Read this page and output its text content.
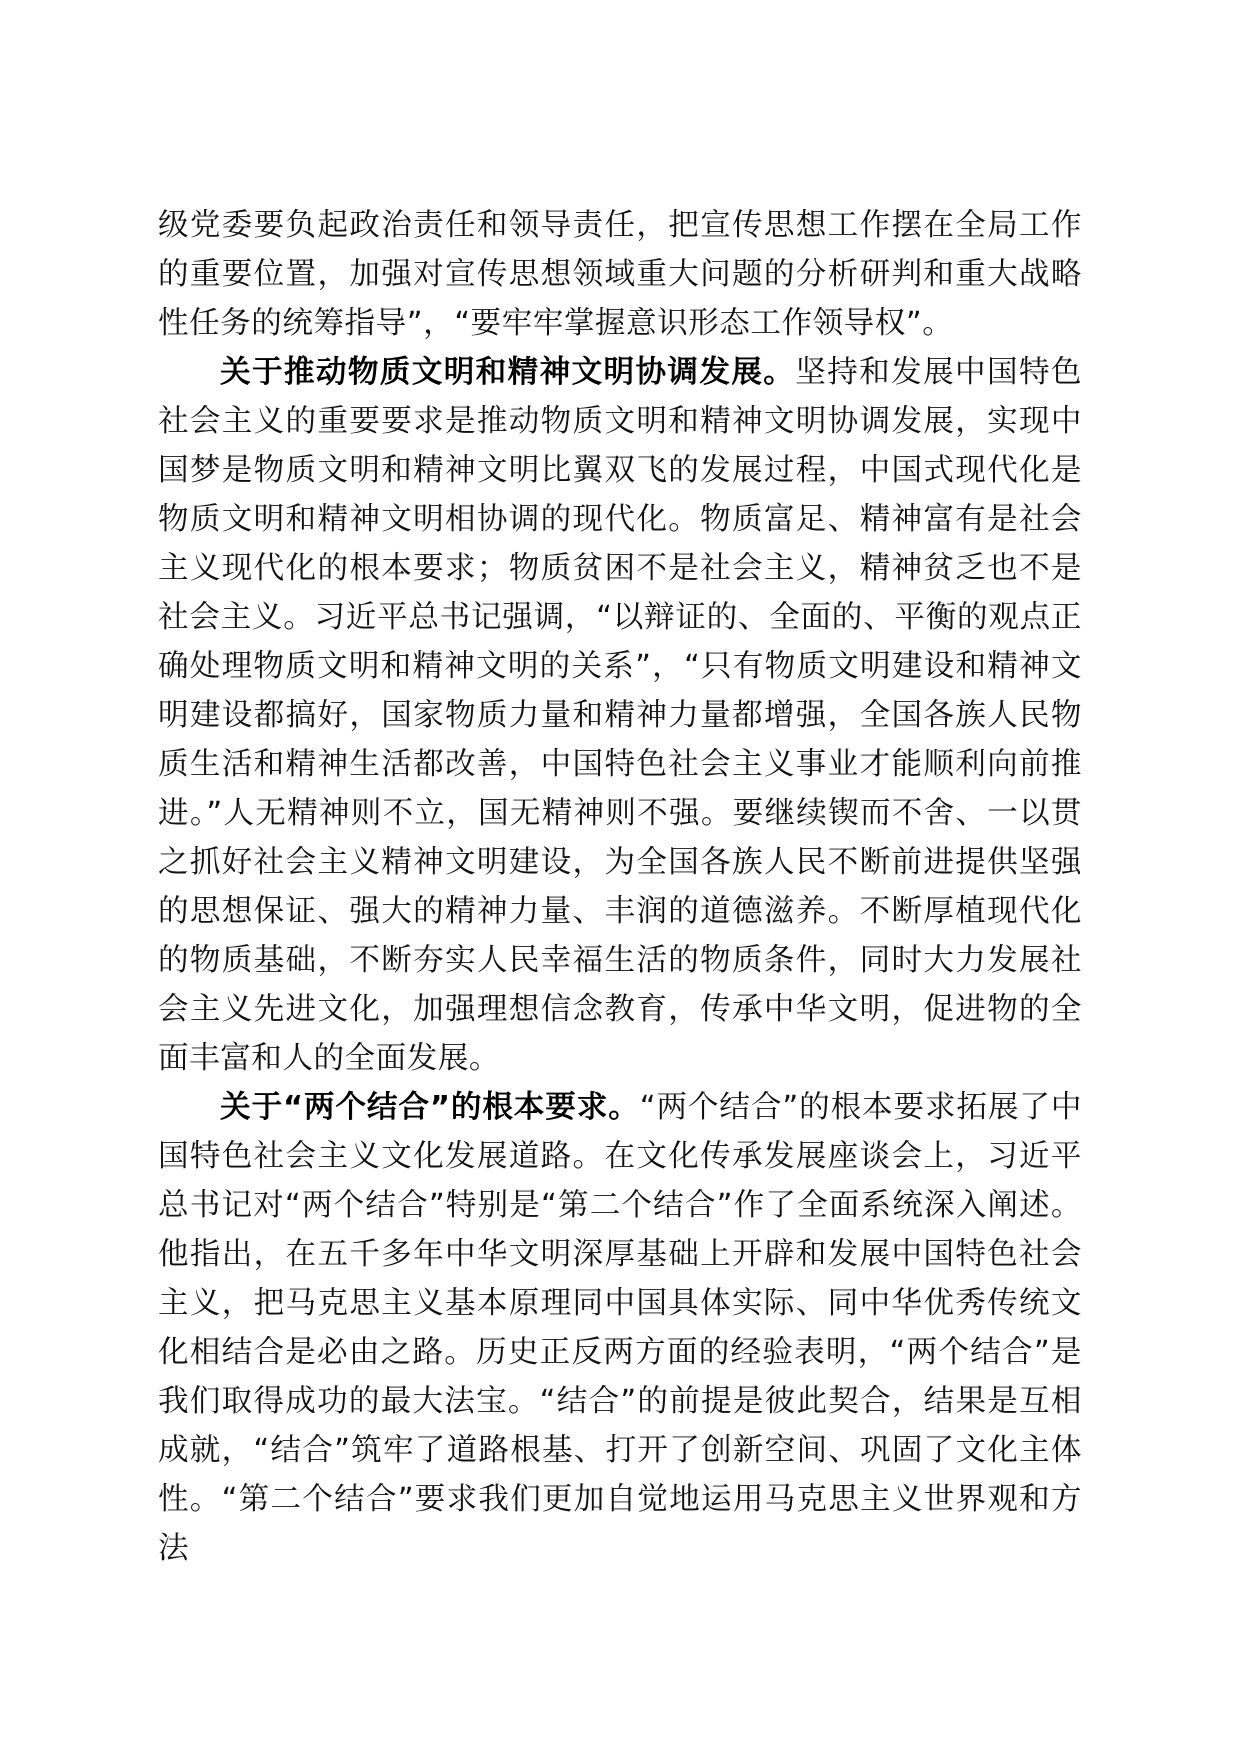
级党委要负起政治责任和领导责任，把宣传思想工作摆在全局工作的重要位置，加强对宣传思想领域重大问题的分析研判和重大战略性任务的统筹指导”，“要牢牢掌握意识形态工作领导权”。

关于推动物质文明和精神文明协调发展。坚持和发展中国特色社会主义的重要要求是推动物质文明和精神文明协调发展，实现中国梦是物质文明和精神文明比翼双飞的发展过程，中国式现代化是物质文明和精神文明相协调的现代化。物质富足、精神富有是社会主义现代化的根本要求；物质贫困不是社会主义，精神贫乏也不是社会主义。习近平总书记强调，“以辩证的、全面的、平衡的观点正确处理物质文明和精神文明的关系”，“只有物质文明建设和精神文明建设都搞好，国家物质力量和精神力量都增强，全国各族人民物质生活和精神生活都改善，中国特色社会主义事业才能顺利向前推进。”人无精神则不立，国无精神则不强。要继续锲而不舍、一以贯之抓好社会主义精神文明建设，为全国各族人民不断前进提供坚强的思想保证、强大的精神力量、丰润的道德滋养。不断厚植现代化的物质基础，不断夯实人民幸福生活的物质条件，同时大力发展社会主义先进文化，加强理想信念教育，传承中华文明，促进物的全面丰富和人的全面发展。

关于“两个结合”的根本要求。“两个结合”的根本要求拓展了中国特色社会主义文化发展道路。在文化传承发展座谈会上，习近平总书记对“两个结合”特别是“第二个结合”作了全面系统深入阐述。他指出，在五千多年中华文明深厚基础上开辟和发展中国特色社会主义，把马克思主义基本原理同中国具体实际、同中华优秀传统文化相结合是必由之路。历史正反两方面的经验表明，“两个结合”是我们取得成功的最大法宝。“结合”的前提是彼此契合，结果是互相成就，“结合”筑牢了道路根基、打开了创新空间、巩固了文化主体性。“第二个结合”要求我们更加自觉地运用马克思主义世界观和方法
